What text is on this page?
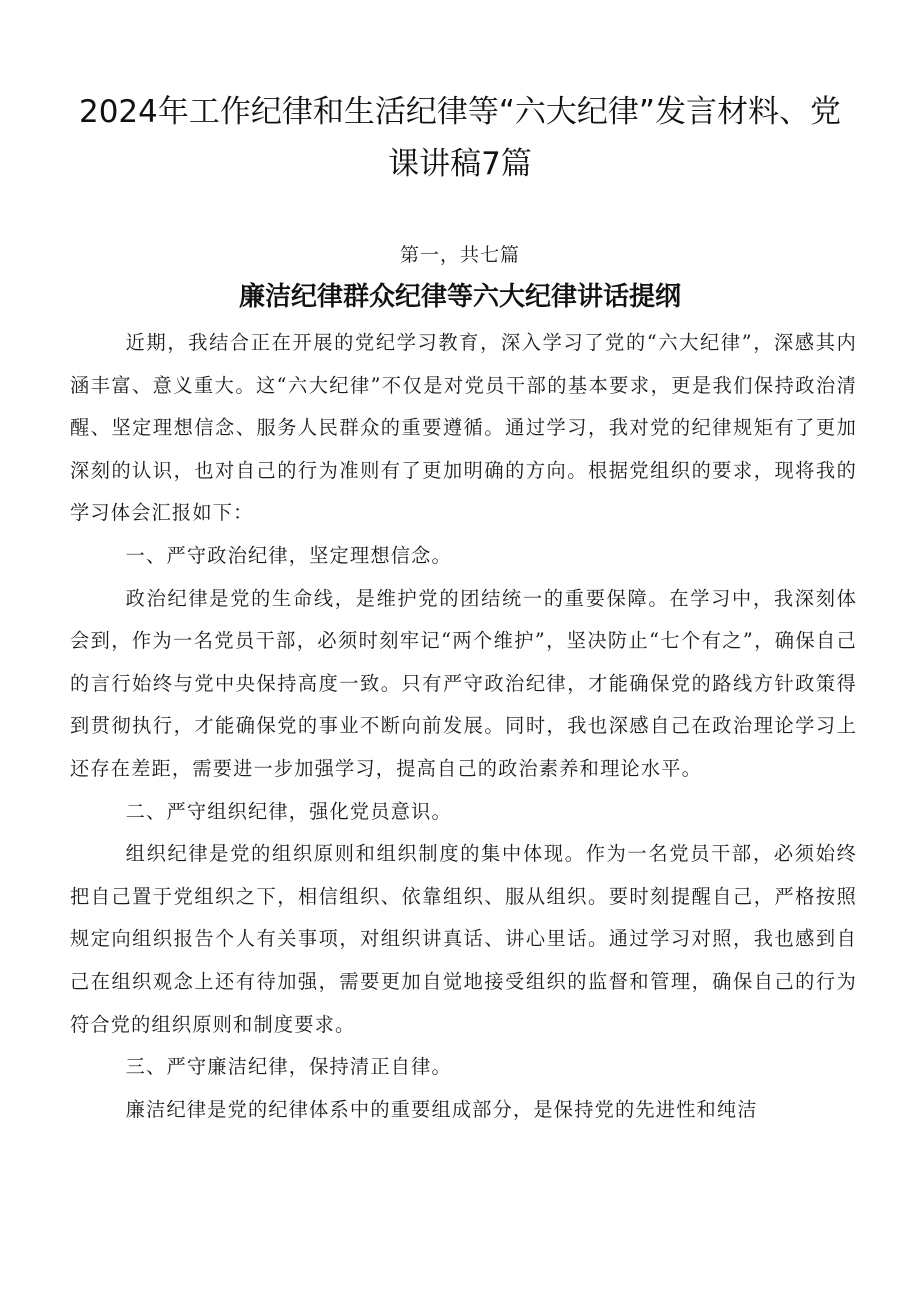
2024年工作纪律和生活纪律等“六大纪律”发言材料、党课讲稿7篇
第一，共七篇
廉洁纪律群众纪律等六大纪律讲话提纲

近期，我结合正在开展的党纪学习教育，深入学习了党的“六大纪律”，深感其内涵丰富、意义重大。这“六大纪律”不仅是对党员干部的基本要求，更是我们保持政治清醒、坚定理想信念、服务人民群众的重要遵循。通过学习，我对党的纪律规矩有了更加深刻的认识，也对自己的行为准则有了更加明确的方向。根据党组织的要求，现将我的学习体会汇报如下：

一、严守政治纪律，坚定理想信念。

政治纪律是党的生命线，是维护党的团结统一的重要保障。在学习中，我深刻体会到，作为一名党员干部，必须时刻牢记“两个维护”，坚决防止“七个有之”，确保自己的言行始终与党中央保持高度一致。只有严守政治纪律，才能确保党的路线方针政策得到贯彻执行，才能确保党的事业不断向前发展。同时，我也深感自己在政治理论学习上还存在差距，需要进一步加强学习，提高自己的政治素养和理论水平。

二、严守组织纪律，强化党员意识。

组织纪律是党的组织原则和组织制度的集中体现。作为一名党员干部，必须始终把自己置于党组织之下，相信组织、依靠组织、服从组织。要时刻提醒自己，严格按照规定向组织报告个人有关事项，对组织讲真话、讲心里话。通过学习对照，我也感到自己在组织观念上还有待加强，需要更加自觉地接受组织的监督和管理，确保自己的行为符合党的组织原则和制度要求。

三、严守廉洁纪律，保持清正自律。

廉洁纪律是党的纪律体系中的重要组成部分，是保持党的先进性和纯洁
